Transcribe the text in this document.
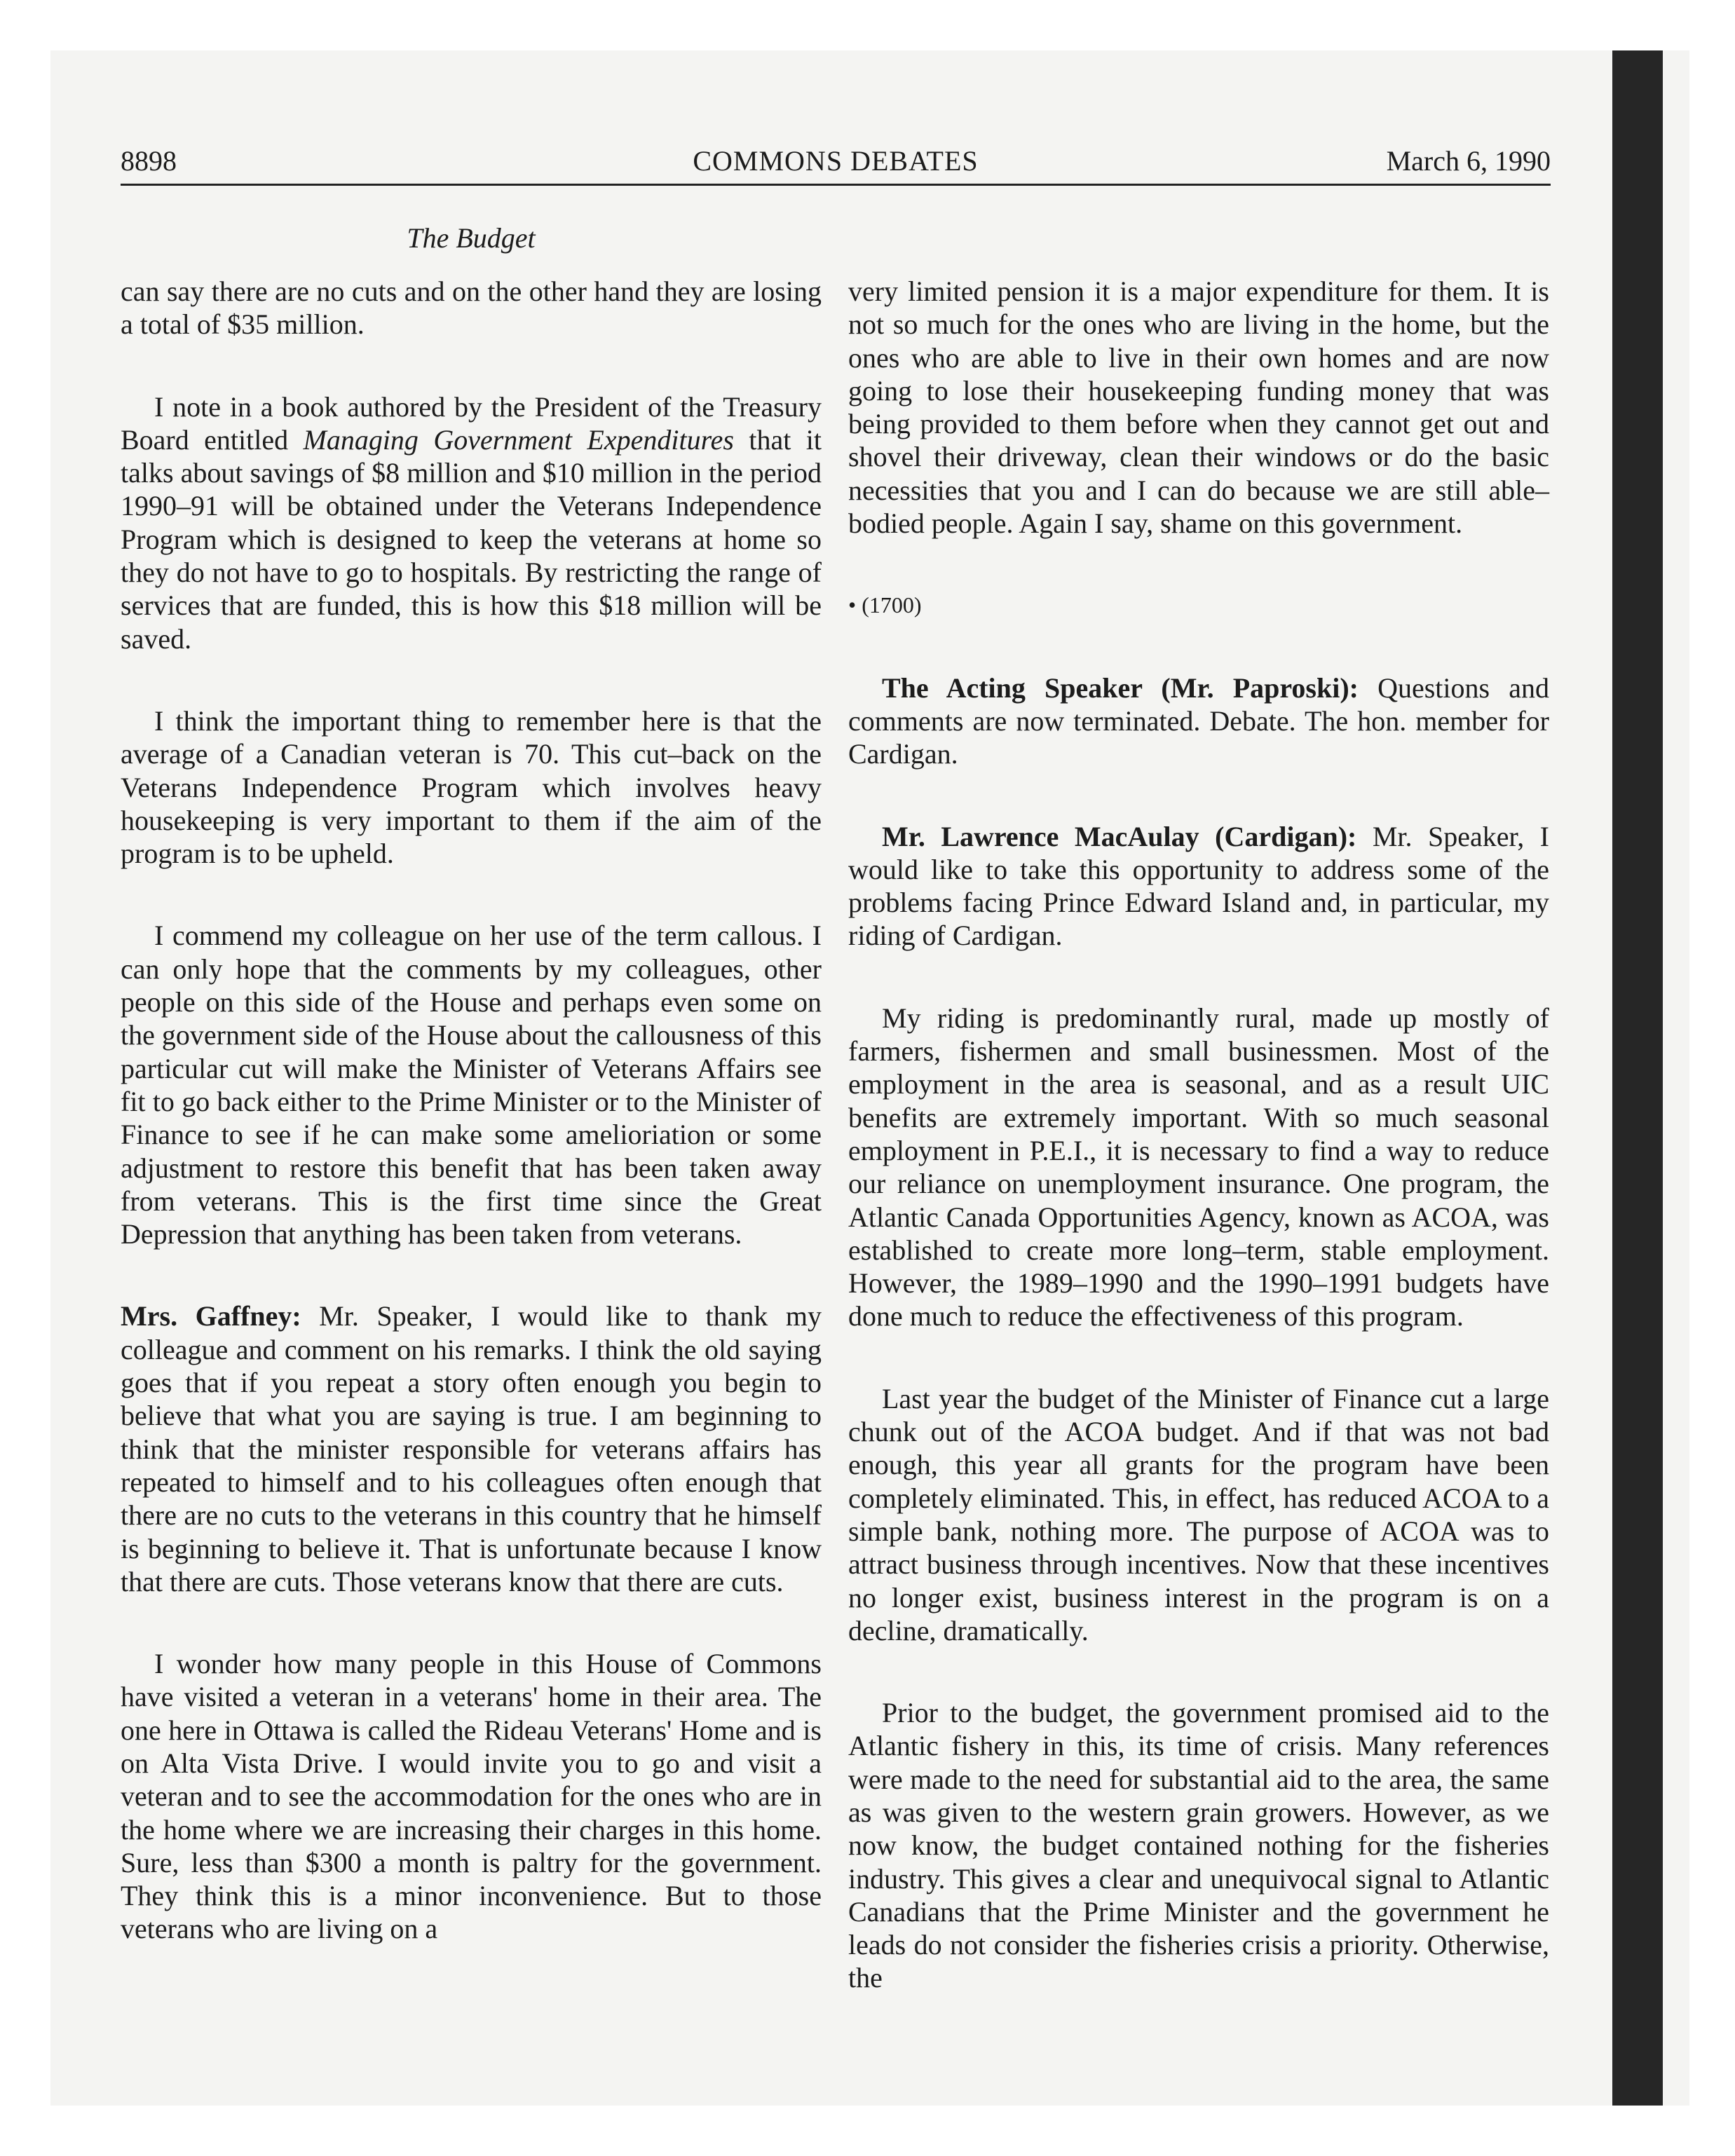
8898	COMMONS DEBATES	March 6, 1990
The Budget

can say there are no cuts and on the other hand they are losing a total of $35 million.

I note in a book authored by the President of the Treasury Board entitled Managing Government Expenditures that it talks about savings of $8 million and $10 million in the period 1990–91 will be obtained under the Veterans Independence Program which is designed to keep the veterans at home so they do not have to go to hospitals. By restricting the range of services that are funded, this is how this $18 million will be saved.

I think the important thing to remember here is that the average of a Canadian veteran is 70. This cut–back on the Veterans Independence Program which involves heavy housekeeping is very important to them if the aim of the program is to be upheld.

I commend my colleague on her use of the term callous. I can only hope that the comments by my colleagues, other people on this side of the House and perhaps even some on the government side of the House about the callousness of this particular cut will make the Minister of Veterans Affairs see fit to go back either to the Prime Minister or to the Minister of Finance to see if he can make some amelioriation or some adjustment to restore this benefit that has been taken away from veterans. This is the first time since the Great Depression that anything has been taken from veterans.

Mrs. Gaffney: Mr. Speaker, I would like to thank my colleague and comment on his remarks. I think the old saying goes that if you repeat a story often enough you begin to believe that what you are saying is true. I am beginning to think that the minister responsible for veterans affairs has repeated to himself and to his colleagues often enough that there are no cuts to the veterans in this country that he himself is beginning to believe it. That is unfortunate because I know that there are cuts. Those veterans know that there are cuts.

I wonder how many people in this House of Commons have visited a veteran in a veterans' home in their area. The one here in Ottawa is called the Rideau Veterans' Home and is on Alta Vista Drive. I would invite you to go and visit a veteran and to see the accommodation for the ones who are in the home where we are increasing their charges in this home. Sure, less than $300 a month is paltry for the government. They think this is a minor inconvenience. But to those veterans who are living on a

very limited pension it is a major expenditure for them. It is not so much for the ones who are living in the home, but the ones who are able to live in their own homes and are now going to lose their housekeeping funding money that was being provided to them before when they cannot get out and shovel their driveway, clean their windows or do the basic necessities that you and I can do because we are still able–bodied people. Again I say, shame on this government.

• (1700)

The Acting Speaker (Mr. Paproski): Questions and comments are now terminated. Debate. The hon. member for Cardigan.

Mr. Lawrence MacAulay (Cardigan): Mr. Speaker, I would like to take this opportunity to address some of the problems facing Prince Edward Island and, in particular, my riding of Cardigan.

My riding is predominantly rural, made up mostly of farmers, fishermen and small businessmen. Most of the employment in the area is seasonal, and as a result UIC benefits are extremely important. With so much seasonal employment in P.E.I., it is necessary to find a way to reduce our reliance on unemployment insurance. One program, the Atlantic Canada Opportunities Agency, known as ACOA, was established to create more long–term, stable employment. However, the 1989–1990 and the 1990–1991 budgets have done much to reduce the effectiveness of this program.

Last year the budget of the Minister of Finance cut a large chunk out of the ACOA budget. And if that was not bad enough, this year all grants for the program have been completely eliminated. This, in effect, has reduced ACOA to a simple bank, nothing more. The purpose of ACOA was to attract business through incentives. Now that these incentives no longer exist, business interest in the program is on a decline, dramatically.

Prior to the budget, the government promised aid to the Atlantic fishery in this, its time of crisis. Many references were made to the need for substantial aid to the area, the same as was given to the western grain growers. However, as we now know, the budget contained nothing for the fisheries industry. This gives a clear and unequivocal signal to Atlantic Canadians that the Prime Minister and the government he leads do not consider the fisheries crisis a priority. Otherwise, the
